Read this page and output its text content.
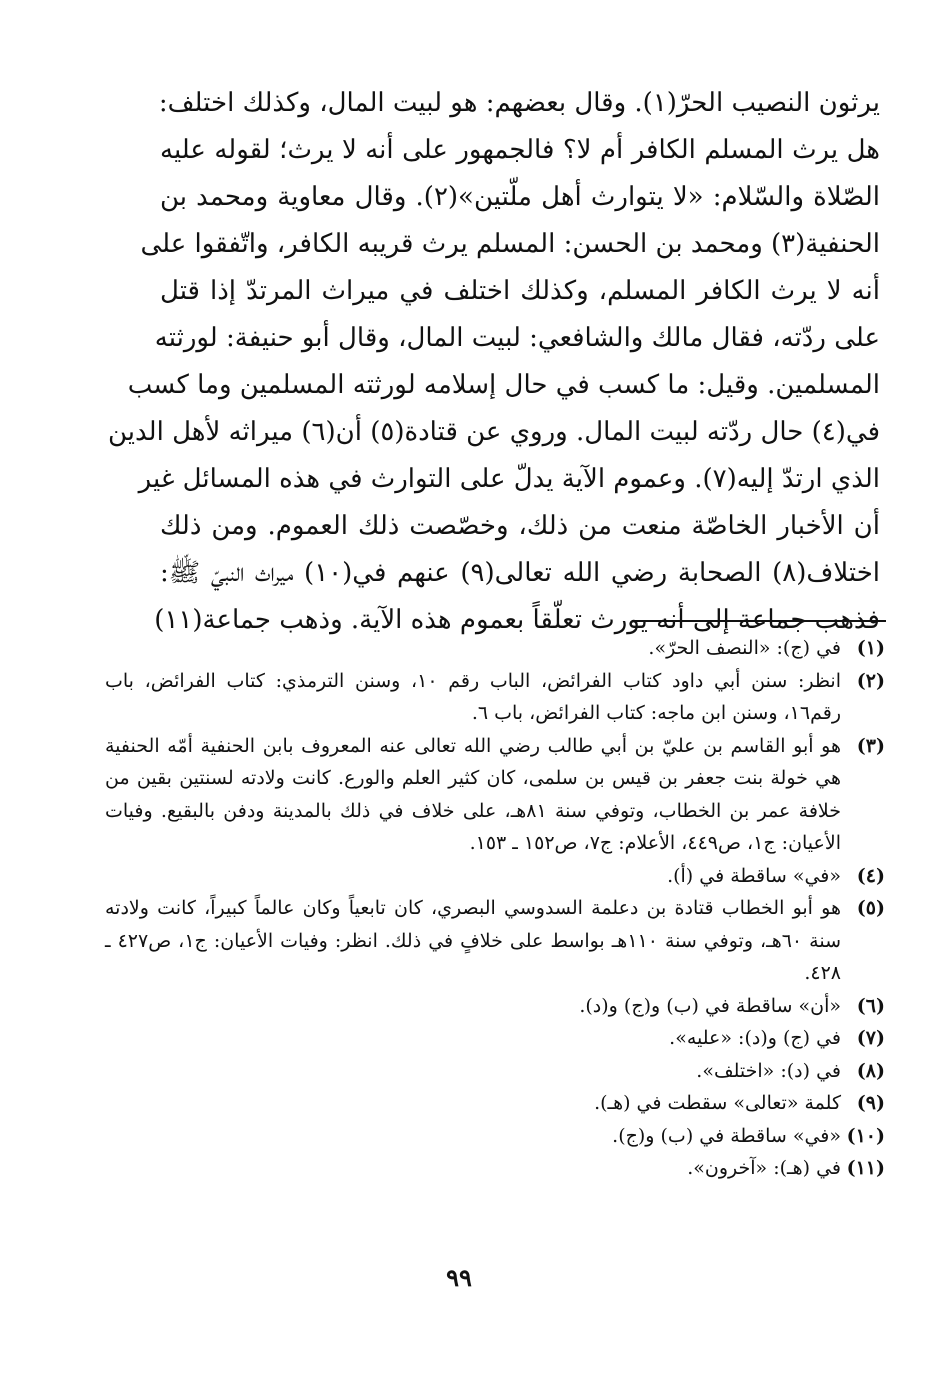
يرثون النصيب الحرّ(١). وقال بعضهم: هو لبيت المال، وكذلك اختلف:
هل يرث المسلم الكافر أم لا؟ فالجمهور على أنه لا يرث؛ لقوله عليه
الصّلاة والسّلام: «لا يتوارث أهل ملّتين»(٢). وقال معاوية ومحمد بن
الحنفية(٣) ومحمد بن الحسن: المسلم يرث قريبه الكافر، واتّفقوا على
أنه لا يرث الكافر المسلم، وكذلك اختلف في ميراث المرتدّ إذا قتل
على ردّته، فقال مالك والشافعي: لبيت المال، وقال أبو حنيفة: لورثته
المسلمين. وقيل: ما كسب في حال إسلامه لورثته المسلمين وما كسب
في(٤) حال ردّته لبيت المال. وروي عن قتادة(٥) أن(٦) ميراثه لأهل الدين
الذي ارتدّ إليه(٧). وعموم الآية يدلّ على التوارث في هذه المسائل غير
أن الأخبار الخاصّة منعت من ذلك، وخصّصت ذلك العموم. ومن ذلك
اختلاف(٨) الصحابة رضي الله تعالى(٩) عنهم في(١٠) ميراث النبيّ ﷺ:
فذهب جماعة إلى أنه يورث تعلّقاً بعموم هذه الآية. وذهب جماعة(١١)
(١)
في (ج): «النصف الحرّ».
(٢)
انظر: سنن أبي داود كتاب الفرائض، الباب رقم ١٠، وسنن الترمذي: كتاب الفرائض، باب رقم١٦، وسنن ابن ماجه: كتاب الفرائض، باب ٦.
(٣)
هو أبو القاسم بن عليّ بن أبي طالب رضي الله تعالى عنه المعروف بابن الحنفية أمّه الحنفية هي خولة بنت جعفر بن قيس بن سلمى، كان كثير العلم والورع. كانت ولادته لسنتين بقين من خلافة عمر بن الخطاب، وتوفي سنة ٨١هـ، على خلاف في ذلك بالمدينة ودفن بالبقيع. وفيات الأعيان: ج١، ص٤٤٩، الأعلام: ج٧، ص١٥٢ ـ ١٥٣.
(٤)
«في» ساقطة في (أ).
(٥)
هو أبو الخطاب قتادة بن دعلمة السدوسي البصري، كان تابعياً وكان عالماً كبيراً، كانت ولادته سنة ٦٠هـ، وتوفي سنة ١١٠هـ بواسط على خلافٍ في ذلك. انظر: وفيات الأعيان: ج١، ص٤٢٧ ـ ٤٢٨.
(٦)
«أن» ساقطة في (ب) و(ج) و(د).
(٧)
في (ج) و(د): «عليه».
(٨)
في (د): «اختلف».
(٩)
كلمة «تعالى» سقطت في (هـ).
(١٠)
«في» ساقطة في (ب) و(ج).
(١١)
في (هـ): «آخرون».
٩٩
